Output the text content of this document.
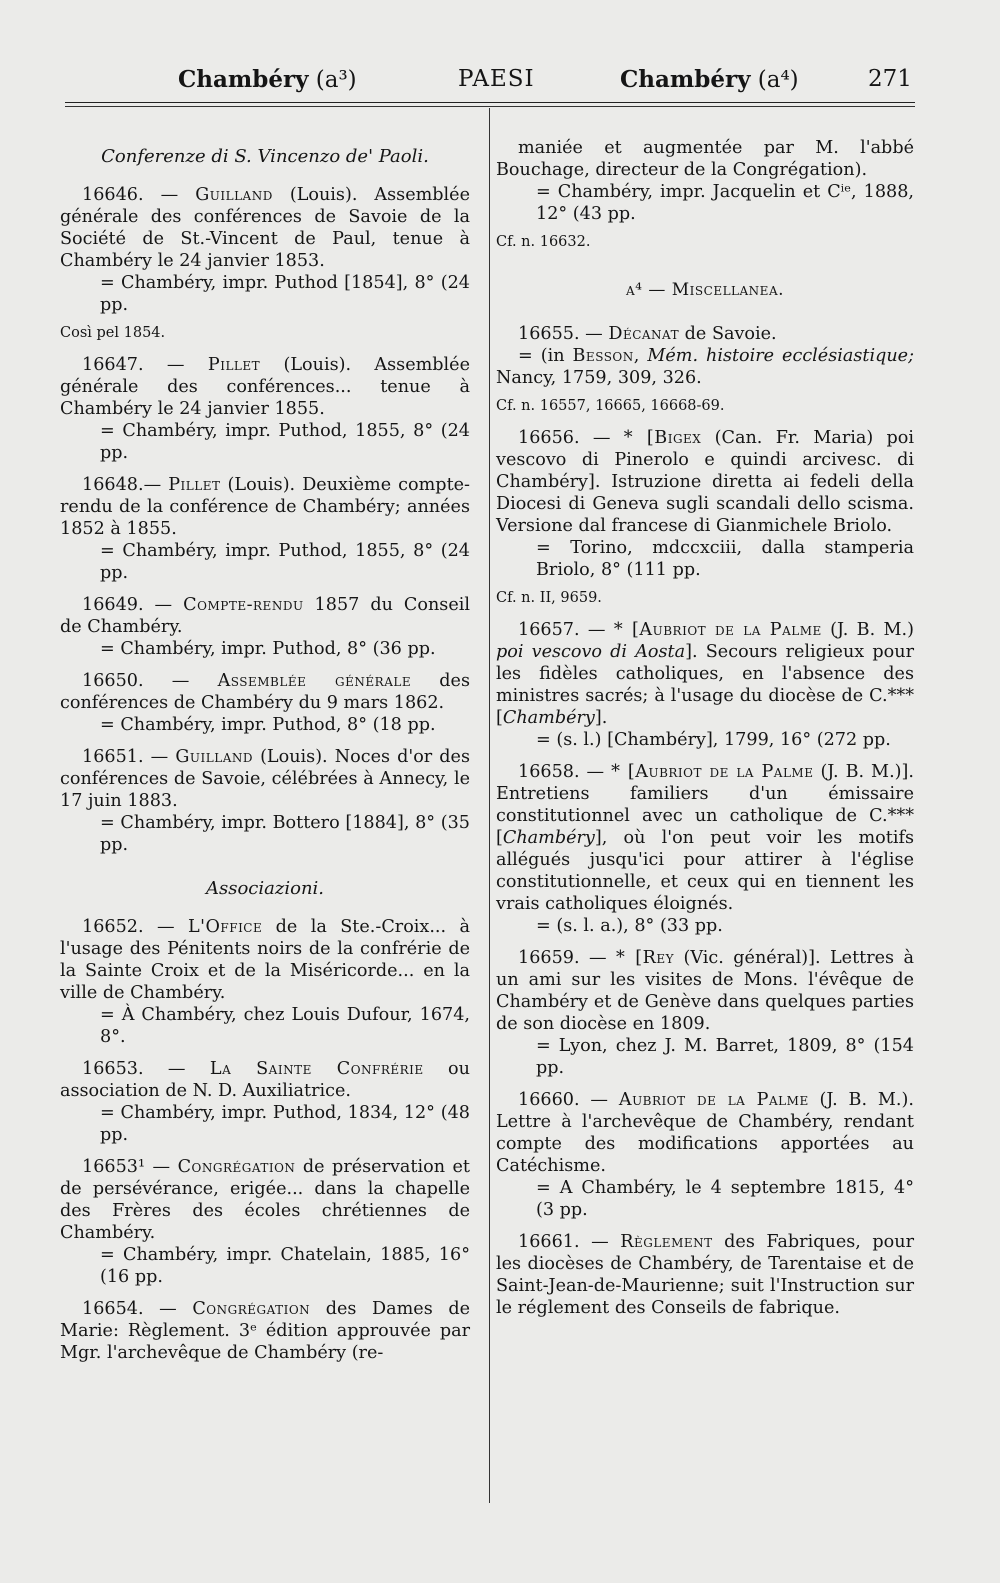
Chambéry (a³)	PAESI	Chambéry (a⁴)	271

Conferenze di S. Vincenzo de' Paoli.

16646. — Guilland (Louis). Assemblée générale des conférences de Savoie de la Société de St.-Vincent de Paul, tenue à Chambéry le 24 janvier 1853.

= Chambéry, impr. Puthod [1854], 8° (24 pp.

Così pel 1854.

16647. — Pillet (Louis). Assemblée générale des conférences... tenue à Chambéry le 24 janvier 1855.

= Chambéry, impr. Puthod, 1855, 8° (24 pp.

16648.— Pillet (Louis). Deuxième compte-rendu de la conférence de Chambéry; années 1852 à 1855.

= Chambéry, impr. Puthod, 1855, 8° (24 pp.

16649. — Compte-rendu 1857 du Conseil de Chambéry.

= Chambéry, impr. Puthod, 8° (36 pp.

16650. — Assemblée générale des conférences de Chambéry du 9 mars 1862.

= Chambéry, impr. Puthod, 8° (18 pp.

16651. — Guilland (Louis). Noces d'or des conférences de Savoie, célébrées à Annecy, le 17 juin 1883.

= Chambéry, impr. Bottero [1884], 8° (35 pp.

Associazioni.

16652. — L'Office de la Ste.-Croix... à l'usage des Pénitents noirs de la confrérie de la Sainte Croix et de la Miséricorde... en la ville de Chambéry.

= À Chambéry, chez Louis Dufour, 1674, 8°.

16653. — La Sainte Confrérie ou association de N. D. Auxiliatrice.

= Chambéry, impr. Puthod, 1834, 12° (48 pp.

16653¹ — Congrégation de préservation et de persévérance, erigée... dans la chapelle des Frères des écoles chrétiennes de Chambéry.

= Chambéry, impr. Chatelain, 1885, 16° (16 pp.

16654. — Congrégation des Dames de Marie: Règlement. 3ᵉ édition approuvée par Mgr. l'archevêque de Chambéry (re-

maniée et augmentée par M. l'abbé Bouchage, directeur de la Congrégation).

= Chambéry, impr. Jacquelin et Cⁱᵉ, 1888, 12° (43 pp.

Cf. n. 16632.

a⁴ — Miscellanea.

16655. — Décanat de Savoie.

= (in Besson, Mém. histoire ecclésiastique; Nancy, 1759, 309, 326.

Cf. n. 16557, 16665, 16668-69.

16656. — * [Bigex (Can. Fr. Maria) poi vescovo di Pinerolo e quindi arcivesc. di Chambéry]. Istruzione diretta ai fedeli della Diocesi di Geneva sugli scandali dello scisma. Versione dal francese di Gianmichele Briolo.

= Torino, mdccxciii, dalla stamperia Briolo, 8° (111 pp.

Cf. n. II, 9659.

16657. — * [Aubriot de la Palme (J. B. M.) poi vescovo di Aosta]. Secours religieux pour les fidèles catholiques, en l'absence des ministres sacrés; à l'usage du diocèse de C.*** [Chambéry].

= (s. l.) [Chambéry], 1799, 16° (272 pp.

16658. — * [Aubriot de la Palme (J. B. M.)]. Entretiens familiers d'un émissaire constitutionnel avec un catholique de C.*** [Chambéry], où l'on peut voir les motifs allégués jusqu'ici pour attirer à l'église constitutionnelle, et ceux qui en tiennent les vrais catholiques éloignés.

= (s. l. a.), 8° (33 pp.

16659. — * [Rey (Vic. général)]. Lettres à un ami sur les visites de Mons. l'évêque de Chambéry et de Genève dans quelques parties de son diocèse en 1809.

= Lyon, chez J. M. Barret, 1809, 8° (154 pp.

16660. — Aubriot de la Palme (J. B. M.). Lettre à l'archevêque de Chambéry, rendant compte des modifications apportées au Catéchisme.

= A Chambéry, le 4 septembre 1815, 4° (3 pp.

16661. — Règlement des Fabriques, pour les diocèses de Chambéry, de Tarentaise et de Saint-Jean-de-Maurienne; suit l'Instruction sur le réglement des Conseils de fabrique.
